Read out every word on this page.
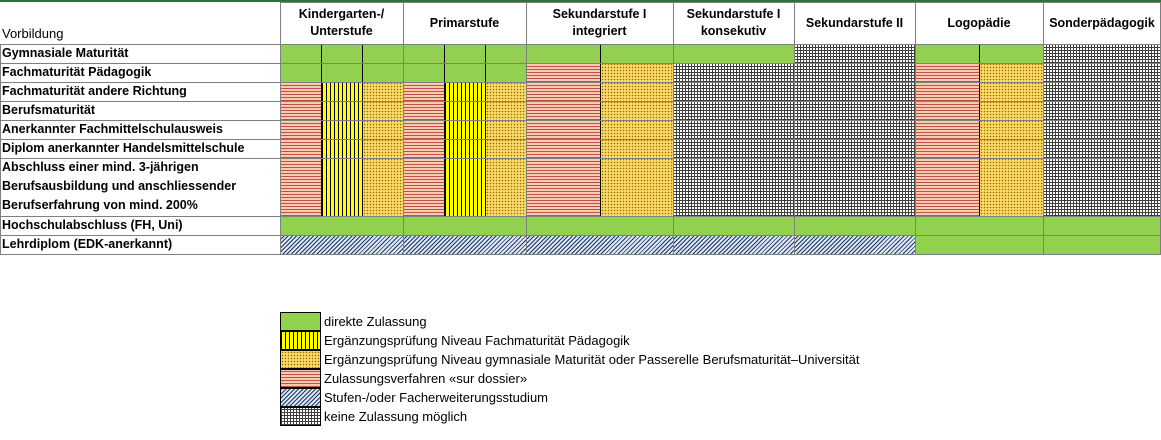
Vorbildung
Kindergarten-/ Unterstufe
Primarstufe
Sekundarstufe I integriert
Sekundarstufe I konsekutiv
Sekundarstufe II	Logopädie	Sonderpädagogik
Gymnasiale Maturität
Fachmaturität Pädagogik
Fachmaturität andere Richtung
Berufsmaturität
Anerkannter Fachmittelschulausweis
Diplom anerkannter Handelsmittelschule
Abschluss einer mind. 3-jährigen
Berufsausbildung und anschliessender
Berufserfahrung von mind. 200%
Hochschulabschluss (FH, Uni)
Lehrdiplom (EDK-anerkannt)
direkte Zulassung
Ergänzungsprüfung Niveau Fachmaturität Pädagogik
Ergänzungsprüfung Niveau gymnasiale Maturität oder Passerelle Berufsmaturität–Universität
Zulassungsverfahren «sur dossier»
Stufen-/oder Facherweiterungsstudium
keine Zulassung möglich
